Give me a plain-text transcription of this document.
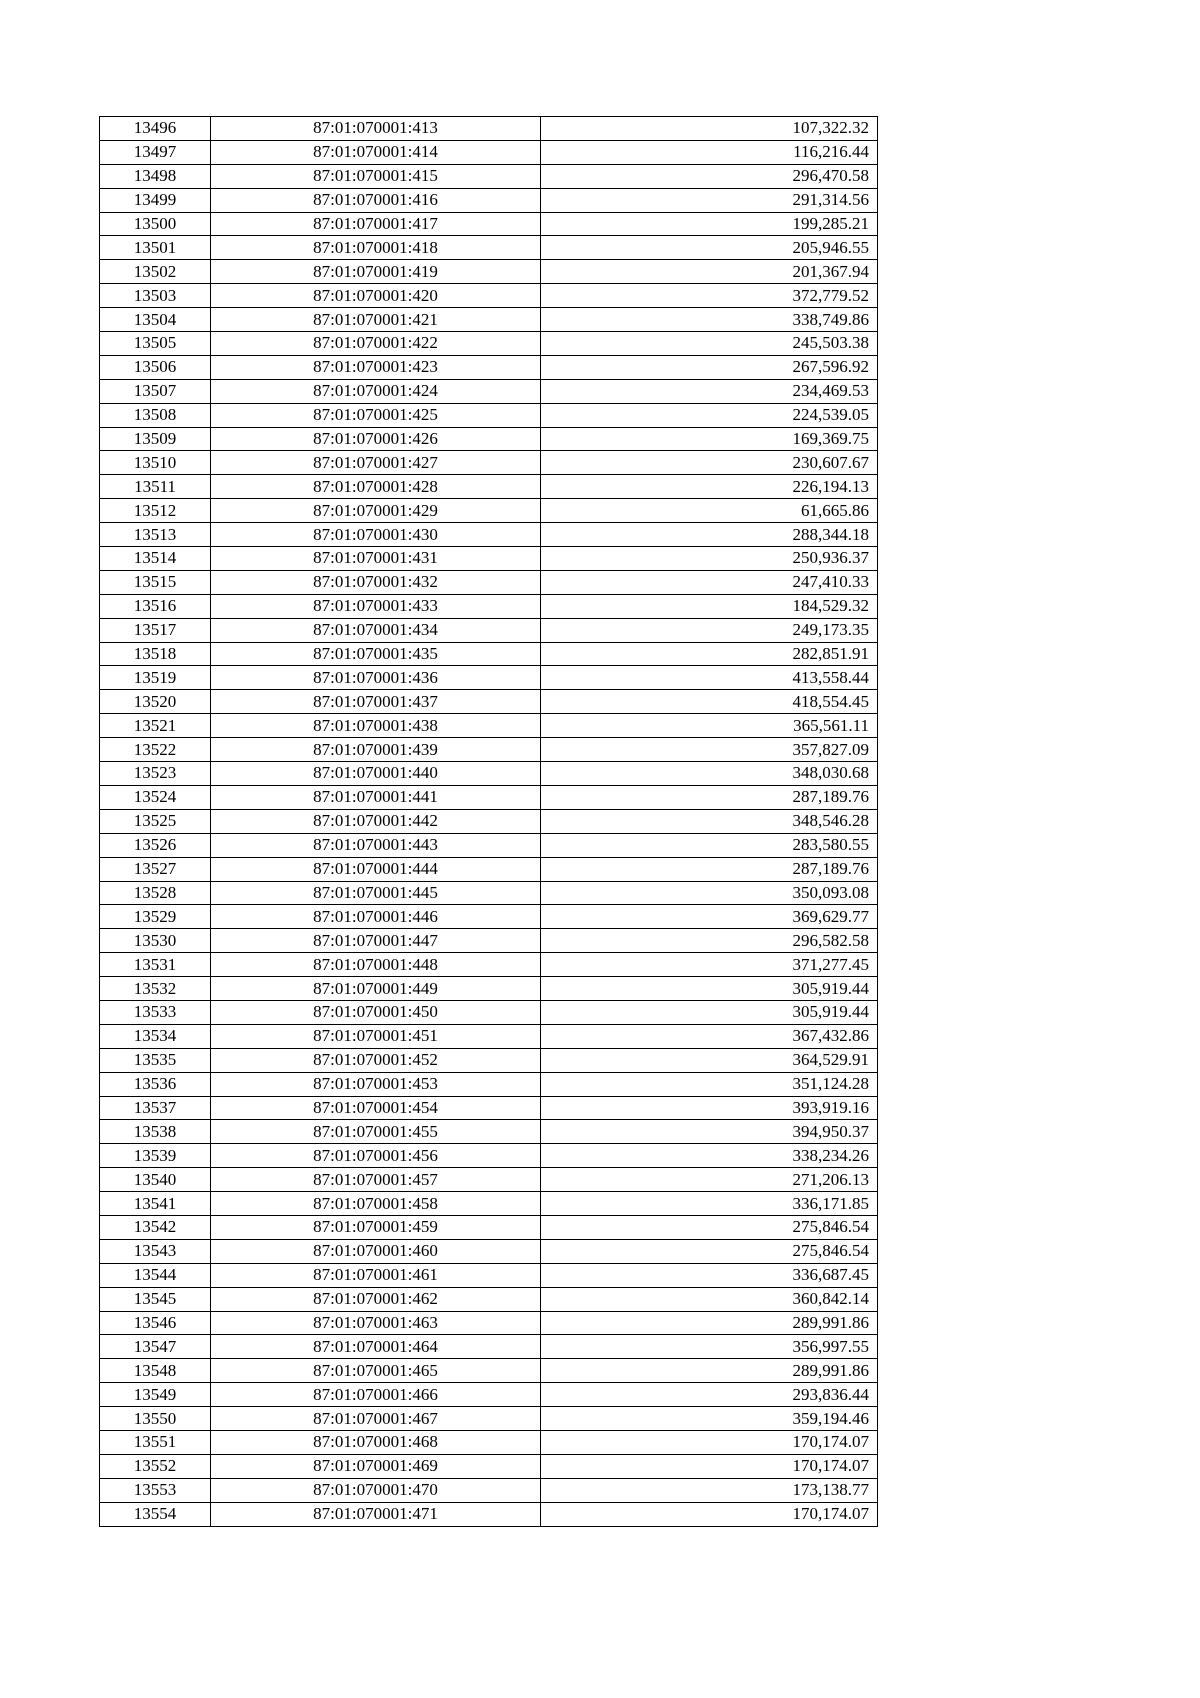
13496	87:01:070001:413	107,322.32
13497	87:01:070001:414	116,216.44
13498	87:01:070001:415	296,470.58
13499	87:01:070001:416	291,314.56
13500	87:01:070001:417	199,285.21
13501	87:01:070001:418	205,946.55
13502	87:01:070001:419	201,367.94
13503	87:01:070001:420	372,779.52
13504	87:01:070001:421	338,749.86
13505	87:01:070001:422	245,503.38
13506	87:01:070001:423	267,596.92
13507	87:01:070001:424	234,469.53
13508	87:01:070001:425	224,539.05
13509	87:01:070001:426	169,369.75
13510	87:01:070001:427	230,607.67
13511	87:01:070001:428	226,194.13
13512	87:01:070001:429	61,665.86
13513	87:01:070001:430	288,344.18
13514	87:01:070001:431	250,936.37
13515	87:01:070001:432	247,410.33
13516	87:01:070001:433	184,529.32
13517	87:01:070001:434	249,173.35
13518	87:01:070001:435	282,851.91
13519	87:01:070001:436	413,558.44
13520	87:01:070001:437	418,554.45
13521	87:01:070001:438	365,561.11
13522	87:01:070001:439	357,827.09
13523	87:01:070001:440	348,030.68
13524	87:01:070001:441	287,189.76
13525	87:01:070001:442	348,546.28
13526	87:01:070001:443	283,580.55
13527	87:01:070001:444	287,189.76
13528	87:01:070001:445	350,093.08
13529	87:01:070001:446	369,629.77
13530	87:01:070001:447	296,582.58
13531	87:01:070001:448	371,277.45
13532	87:01:070001:449	305,919.44
13533	87:01:070001:450	305,919.44
13534	87:01:070001:451	367,432.86
13535	87:01:070001:452	364,529.91
13536	87:01:070001:453	351,124.28
13537	87:01:070001:454	393,919.16
13538	87:01:070001:455	394,950.37
13539	87:01:070001:456	338,234.26
13540	87:01:070001:457	271,206.13
13541	87:01:070001:458	336,171.85
13542	87:01:070001:459	275,846.54
13543	87:01:070001:460	275,846.54
13544	87:01:070001:461	336,687.45
13545	87:01:070001:462	360,842.14
13546	87:01:070001:463	289,991.86
13547	87:01:070001:464	356,997.55
13548	87:01:070001:465	289,991.86
13549	87:01:070001:466	293,836.44
13550	87:01:070001:467	359,194.46
13551	87:01:070001:468	170,174.07
13552	87:01:070001:469	170,174.07
13553	87:01:070001:470	173,138.77
13554	87:01:070001:471	170,174.07
